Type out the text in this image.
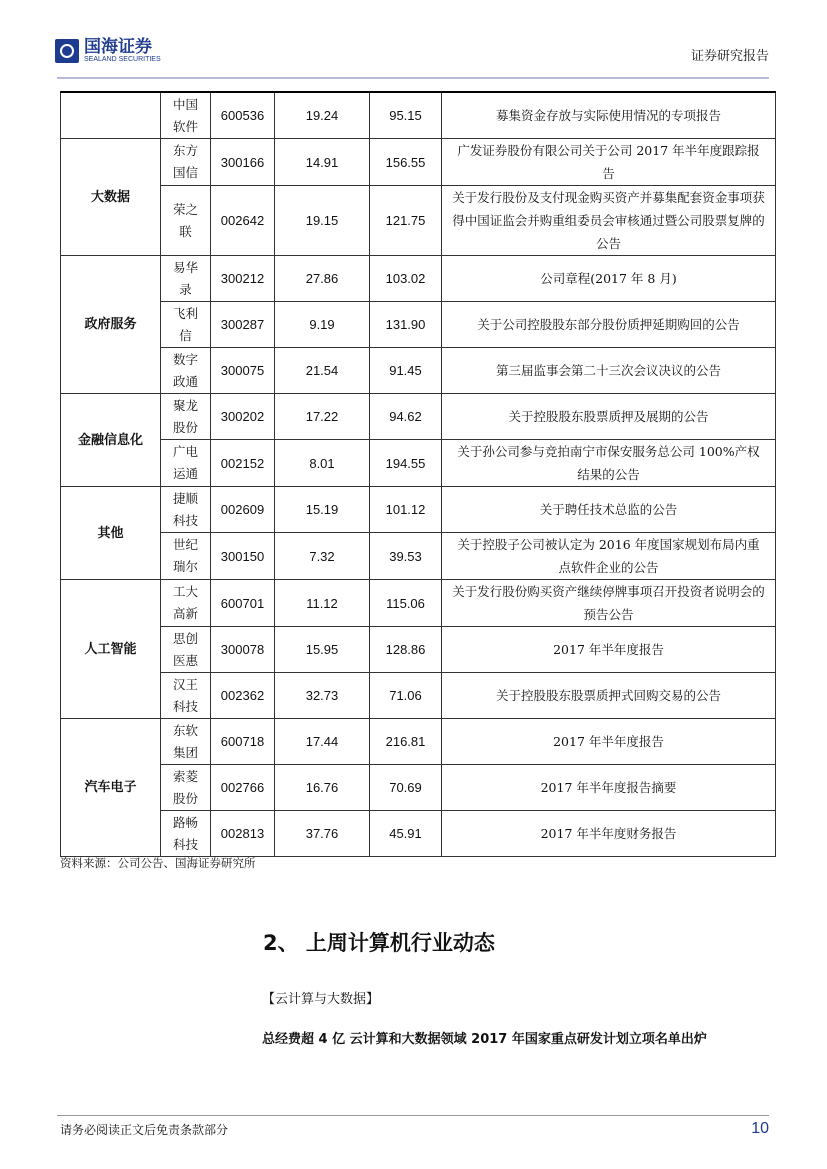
国海证券
SEALAND SECURITIES	证券研究报告
	中国软件	600536	19.24	95.15	募集资金存放与实际使用情况的专项报告
大数据	东方国信	300166	14.91	156.55	广发证券股份有限公司关于公司 2017 年半年度跟踪报告
	荣之联	002642	19.15	121.75	关于发行股份及支付现金购买资产并募集配套资金事项获得中国证监会并购重组委员会审核通过暨公司股票复牌的公告
政府服务	易华录	300212	27.86	103.02	公司章程(2017 年 8 月)
	飞利信	300287	9.19	131.90	关于公司控股股东部分股份质押延期购回的公告
	数字政通	300075	21.54	91.45	第三届监事会第二十三次会议决议的公告
金融信息化	聚龙股份	300202	17.22	94.62	关于控股股东股票质押及展期的公告
	广电运通	002152	8.01	194.55	关于孙公司参与竞拍南宁市保安服务总公司 100%产权结果的公告
其他	捷顺科技	002609	15.19	101.12	关于聘任技术总监的公告
	世纪瑞尔	300150	7.32	39.53	关于控股子公司被认定为 2016 年度国家规划布局内重点软件企业的公告
人工智能	工大高新	600701	11.12	115.06	关于发行股份购买资产继续停牌事项召开投资者说明会的预告公告
	思创医惠	300078	15.95	128.86	2017 年半年度报告
	汉王科技	002362	32.73	71.06	关于控股股东股票质押式回购交易的公告
汽车电子	东软集团	600718	17.44	216.81	2017 年半年度报告
	索菱股份	002766	16.76	70.69	2017 年半年度报告摘要
	路畅科技	002813	37.76	45.91	2017 年半年度财务报告
资料来源：公司公告、国海证券研究所
2、 上周计算机行业动态
【云计算与大数据】
总经费超 4 亿 云计算和大数据领域 2017 年国家重点研发计划立项名单出炉
请务必阅读正文后免责条款部分	10
